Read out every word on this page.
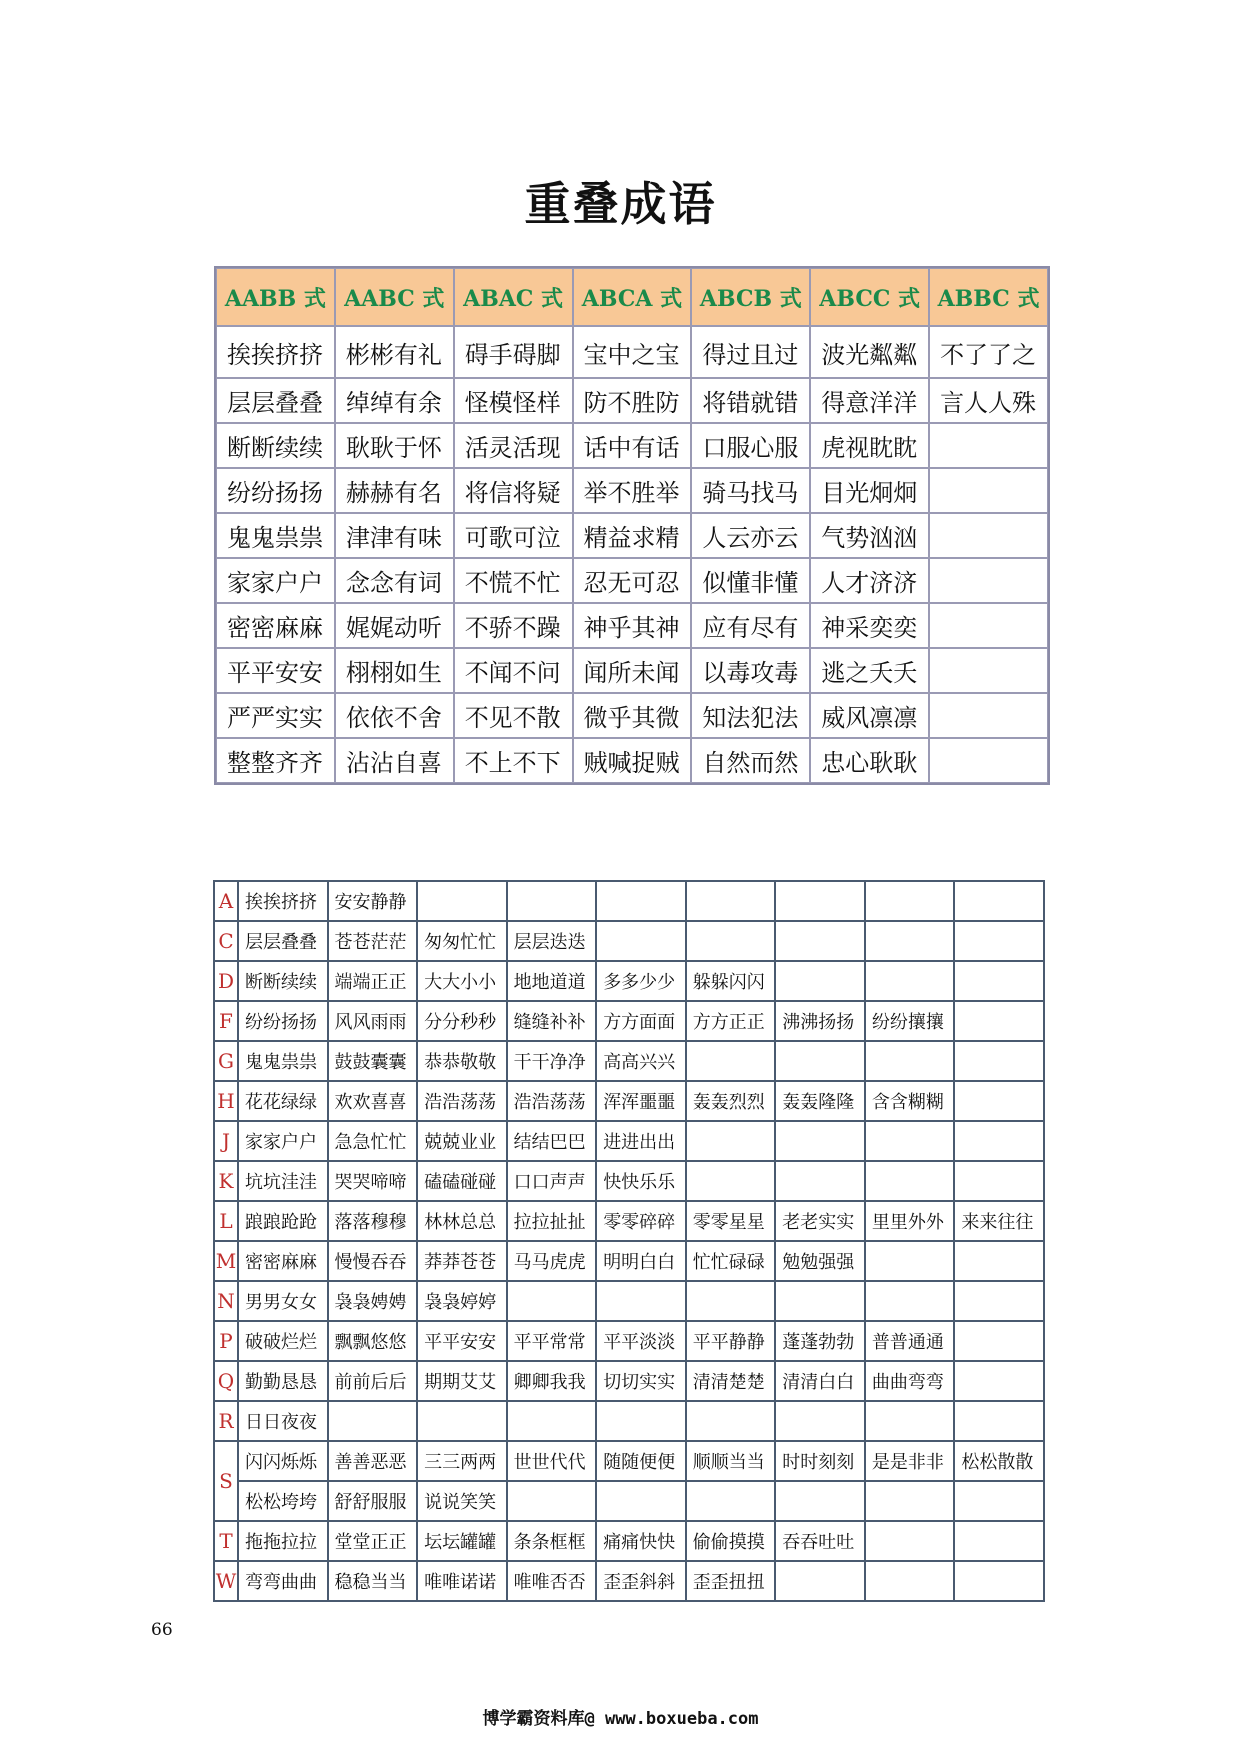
重叠成语
AABB 式	AABC 式	ABAC 式	ABCA 式	ABCB 式	ABCC 式	ABBC 式
挨挨挤挤	彬彬有礼	碍手碍脚	宝中之宝	得过且过	波光粼粼	不了了之
层层叠叠	绰绰有余	怪模怪样	防不胜防	将错就错	得意洋洋	言人人殊
断断续续	耿耿于怀	活灵活现	话中有话	口服心服	虎视眈眈	
纷纷扬扬	赫赫有名	将信将疑	举不胜举	骑马找马	目光炯炯	
鬼鬼祟祟	津津有味	可歌可泣	精益求精	人云亦云	气势汹汹	
家家户户	念念有词	不慌不忙	忍无可忍	似懂非懂	人才济济	
密密麻麻	娓娓动听	不骄不躁	神乎其神	应有尽有	神采奕奕	
平平安安	栩栩如生	不闻不问	闻所未闻	以毒攻毒	逃之夭夭	
严严实实	依依不舍	不见不散	微乎其微	知法犯法	威风凛凛	
整整齐齐	沾沾自喜	不上不下	贼喊捉贼	自然而然	忠心耿耿	
A	挨挨挤挤	安安静静							
C	层层叠叠	苍苍茫茫	匆匆忙忙	层层迭迭					
D	断断续续	端端正正	大大小小	地地道道	多多少少	躲躲闪闪			
F	纷纷扬扬	风风雨雨	分分秒秒	缝缝补补	方方面面	方方正正	沸沸扬扬	纷纷攘攘	
G	鬼鬼祟祟	鼓鼓囊囊	恭恭敬敬	干干净净	高高兴兴				
H	花花绿绿	欢欢喜喜	浩浩荡荡	浩浩荡荡	浑浑噩噩	轰轰烈烈	轰轰隆隆	含含糊糊	
J	家家户户	急急忙忙	兢兢业业	结结巴巴	进进出出				
K	坑坑洼洼	哭哭啼啼	磕磕碰碰	口口声声	快快乐乐				
L	踉踉跄跄	落落穆穆	林林总总	拉拉扯扯	零零碎碎	零零星星	老老实实	里里外外	来来往往
M	密密麻麻	慢慢吞吞	莽莽苍苍	马马虎虎	明明白白	忙忙碌碌	勉勉强强		
N	男男女女	袅袅娉娉	袅袅婷婷						
P	破破烂烂	飘飘悠悠	平平安安	平平常常	平平淡淡	平平静静	蓬蓬勃勃	普普通通	
Q	勤勤恳恳	前前后后	期期艾艾	卿卿我我	切切实实	清清楚楚	清清白白	曲曲弯弯	
R	日日夜夜								
S	闪闪烁烁	善善恶恶	三三两两	世世代代	随随便便	顺顺当当	时时刻刻	是是非非	松松散散
	松松垮垮	舒舒服服	说说笑笑						
T	拖拖拉拉	堂堂正正	坛坛罐罐	条条框框	痛痛快快	偷偷摸摸	吞吞吐吐		
W	弯弯曲曲	稳稳当当	唯唯诺诺	唯唯否否	歪歪斜斜	歪歪扭扭			
66
博学霸资料库@ www.boxueba.com
